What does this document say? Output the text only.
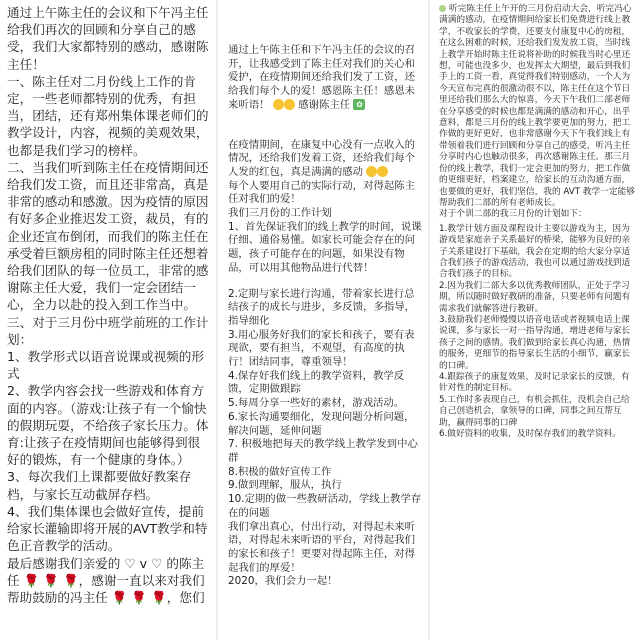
通过上午陈主任的会议和下午冯主任给我们再次的回顾和分享自己的感受，我们大家都特别的感动，感谢陈主任！

一、陈主任对二月份线上工作的肯定，一些老师都特别的优秀，有担当，团结，还有郑州集体课老师们的教学设计，内容，视频的美观效果，也都是我们学习的榜样。

二、当我们听到陈主任在疫情期间还给我们发工资，而且还非常高，真是非常的感动和感激。因为疫情的原因有好多企业推迟发工资，裁员，有的企业还宣布倒闭，而我们的陈主任在承受着巨额房租的同时陈主任还想着给我们团队的每一位员工，非常的感谢陈主任大爱，我们一定会团结一心，全力以赴的投入到工作当中。

三、对于三月份中班学前班的工作计划：

1、教学形式以语音说课或视频的形式

2、教学内容会找一些游戏和体育方面的内容。（游戏:让孩子有一个愉快的假期玩耍，不给孩子家长压力。体育:让孩子在疫情期间也能够得到很好的锻炼，有一个健康的身体。）

3、每次我们上课都要做好教案存档，与家长互动截屏存档。

4、我们集体课也会做好宣传，提前给家长灌输即将开展的AVT教学和特色正音教学的活动。

最后感谢我们亲爱的 ♡ v ♡ 的陈主任 🌹 🌹 🌹，感谢一直以来对我们帮助鼓励的冯主任 🌹 🌹 🌹，您们

通过上午陈主任和下午冯主任的会议的召开，让我感受到了陈主任对我们的关心和爱护，在疫情期间还给我们发了工资，还给我们每个人的爱！感恩陈主任！感恩未来听语！	感谢陈主任 ✿

在疫情期间，在康复中心没有一点收入的情况，还给我们发着工资，还给我们每个人发的红包，真是满满的感动

每个人要用自己的实际行动，对得起陈主任对我们的爱！

我们三月份的工作计划

1、首先保证我们的线上教学的时间，说课仔细、通俗易懂。如家长可能会存在的问题，孩子可能存在的问题，如果没有物品，可以用其他物品进行代替！

2.定期与家长进行沟通，带着家长进行总结孩子的成长与进步，多反馈，多指导，指导细化

3.用心服务好我们的家长和孩子，要有表现欲，要有担当，不观望，有高度的执行！团结同事，尊重领导！

4.保存好我们线上的教学资料，教学反馈，定期做跟踪

5.每周分享一些好的素材，游戏活动。

6.家长沟通要细化，发现问题分析问题，解决问题，延伸问题

7. 积极地把每天的教学线上教学发到中心群

8.积极的做好宣传工作

9.做到理解，服从，执行

10.定期的做一些教研活动，学线上教学存在的问题

我们拿出真心，付出行动，对得起未来听语，对得起未来听语的平台，对得起我们的家长和孩子！更要对得起陈主任，对得起我们的厚爱！

2020，我们会力一起！

听完陈主任上午开的三月份启动大会，听完冯心满满的感动，在疫情期间给家长们免费进行线上教学，不收家长的学费，还要支付康复中心的房租，在这么困难的时候，还给我们发发放工资，当时线上教学开始时陈主任说将补助的时候我当时心里还想，可能也没多少，也发挥太大期望，最后到我们手上的工资一看，真觉得我们特别感动，一个人为今天宣布完真的很激动很不以，陈主任在这个节日里还给我们那么大的惊喜，今天下午我们二部老师在分享感受的时候也都是满满的感动和开心，出乎意料，都是三月份的线上教学要更加的努力，把工作做的更好更好，也非常感谢今天下午我们线上有带领着我们进行回顾和分享自己的感受，听冯主任分享时内心也触动很多，再次感谢陈主任。那三月份的线上教学，我们一定会更加的努力，把工作做的更细更好，档案建立，给家长的互动沟通方面，也要做的更好，我们坚信，我的 AVT 教学一定能够帮助我们二部的所有老师成长。

对于个训二部的我三月份的计划如下：

1.教学计划方面及课程设计主要以游戏为主，因为游戏是家庭亲子关系最好的桥梁，能够为良好的亲子关系建设打下基础，我会在定期的给大家分享适合我们孩子的游戏活动，我也可以通过游戏找到适合我们孩子的目标。

2.因为我们二部大多以优秀教师团队，正处于学习期，所以随时做好教研的准备，只要老师有问题有需求我们就解答进行教研。

3.鼓励我们老师慢慢以语音电话或者视频电话上课说课，多与家长一对一指导沟通，增进老师与家长孩子之间的感情。我们做到给家长真心沟通，热情的服务，更细节的指导家长生活的小细节，赢家长的口碑。

4.跟踪孩子的康复效果，及时记录家长的反馈，有针对性的制定目标。

5.工作时多表现自己，有机会抓住，没机会自己给自己创造机会，拿领导的口碑，同事之间互帮互助，赢得同事的口碑

6.做好资料的收集，及时保存我们的教学资料。
